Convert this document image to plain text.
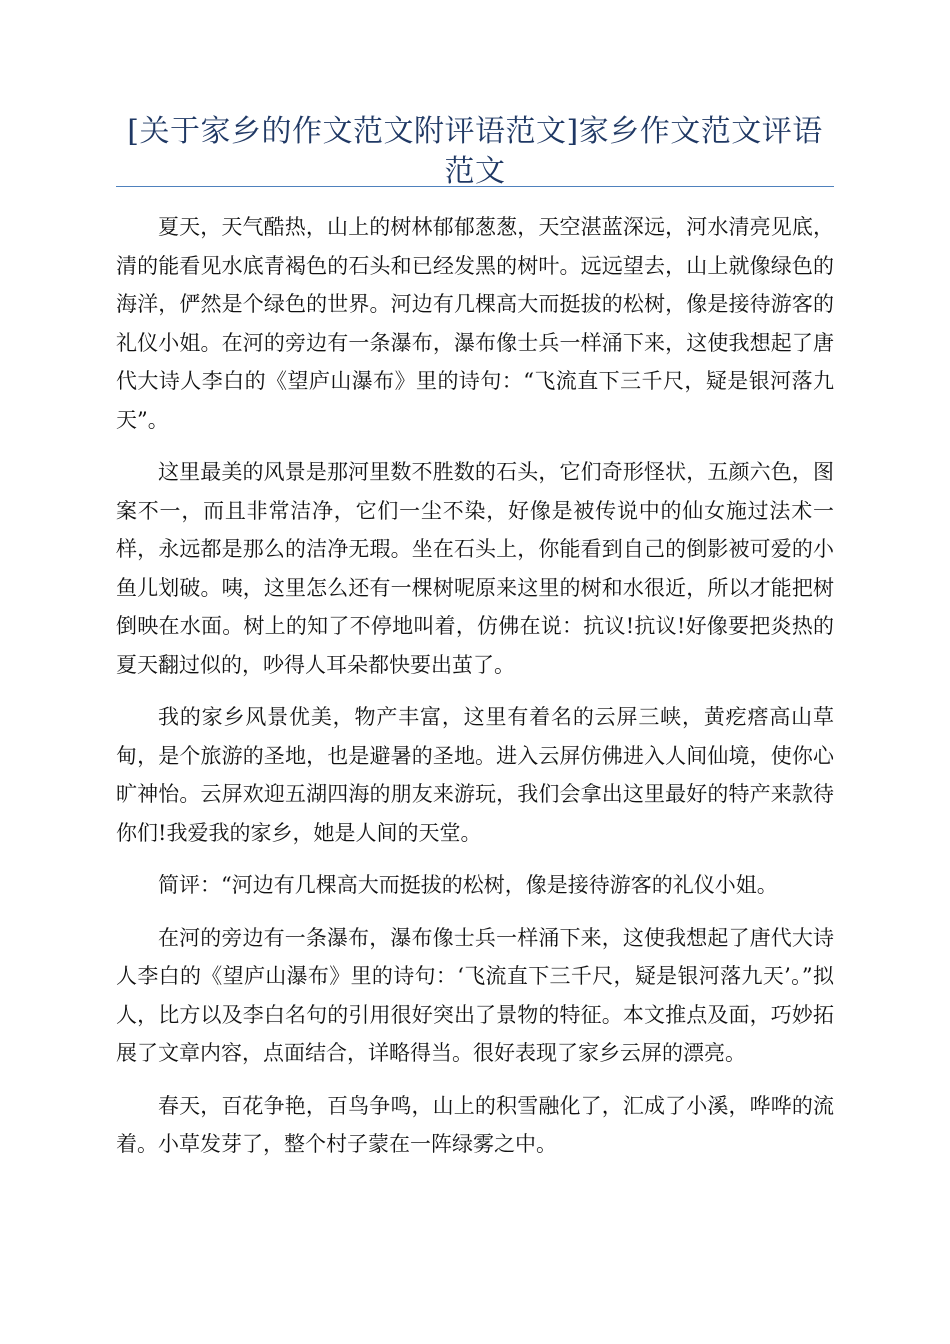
[关于家乡的作文范文附评语范文]家乡作文范文评语范文

夏天，天气酷热，山上的树林郁郁葱葱，天空湛蓝深远，河水清亮见底，清的能看见水底青褐色的石头和已经发黑的树叶。远远望去，山上就像绿色的海洋，俨然是个绿色的世界。河边有几棵高大而挺拔的松树，像是接待游客的礼仪小姐。在河的旁边有一条瀑布，瀑布像士兵一样涌下来，这使我想起了唐代大诗人李白的《望庐山瀑布》里的诗句：“飞流直下三千尺，疑是银河落九天”。

这里最美的风景是那河里数不胜数的石头，它们奇形怪状，五颜六色，图案不一，而且非常洁净，它们一尘不染，好像是被传说中的仙女施过法术一样，永远都是那么的洁净无瑕。坐在石头上，你能看到自己的倒影被可爱的小鱼儿划破。咦，这里怎么还有一棵树呢原来这里的树和水很近，所以才能把树倒映在水面。树上的知了不停地叫着，仿佛在说：抗议!抗议!好像要把炎热的夏天翻过似的，吵得人耳朵都快要出茧了。

我的家乡风景优美，物产丰富，这里有着名的云屏三峡，黄疙瘩高山草甸，是个旅游的圣地，也是避暑的圣地。进入云屏仿佛进入人间仙境，使你心旷神怡。云屏欢迎五湖四海的朋友来游玩，我们会拿出这里最好的特产来款待你们!我爱我的家乡，她是人间的天堂。

简评：“河边有几棵高大而挺拔的松树，像是接待游客的礼仪小姐。

在河的旁边有一条瀑布，瀑布像士兵一样涌下来，这使我想起了唐代大诗人李白的《望庐山瀑布》里的诗句：‘飞流直下三千尺，疑是银河落九天’。”拟人，比方以及李白名句的引用很好突出了景物的特征。本文推点及面，巧妙拓展了文章内容，点面结合，详略得当。很好表现了家乡云屏的漂亮。

春天，百花争艳，百鸟争鸣，山上的积雪融化了，汇成了小溪，哗哗的流着。小草发芽了，整个村子蒙在一阵绿雾之中。
